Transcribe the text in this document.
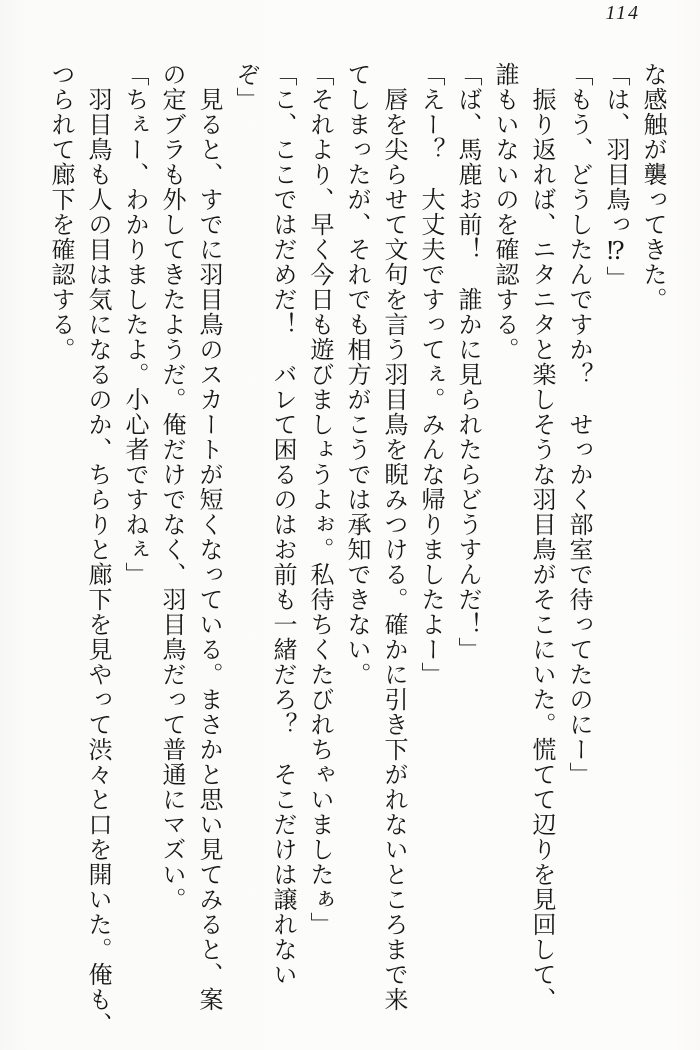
114

な感触が襲ってきた。

「は、羽目鳥っ⁉」

「もう、どうしたんですか？　せっかく部室で待ってたのにー」

　振り返れば、ニタニタと楽しそうな羽目鳥がそこにいた。慌てて辺りを見回して、

誰もいないのを確認する。

「ば、馬鹿お前！　誰かに見られたらどうすんだ！」

「えー？　大丈夫ですってぇ。みんな帰りましたよー」

　唇を尖らせて文句を言う羽目鳥を睨みつける。確かに引き下がれないところまで来

てしまったが、それでも相方がこうでは承知できない。

「それより、早く今日も遊びましょうよぉ。私待ちくたびれちゃいましたぁ」

「こ、ここではだめだ！　バレて困るのはお前も一緒だろ？　そこだけは譲れない

ぞ」

　見ると、すでに羽目鳥のスカートが短くなっている。まさかと思い見てみると、案

の定ブラも外してきたようだ。俺だけでなく、羽目鳥だって普通にマズい。

「ちぇー、わかりましたよ。小心者ですねぇ」

　羽目鳥も人の目は気になるのか、ちらりと廊下を見やって渋々と口を開いた。俺も、

つられて廊下を確認する。
